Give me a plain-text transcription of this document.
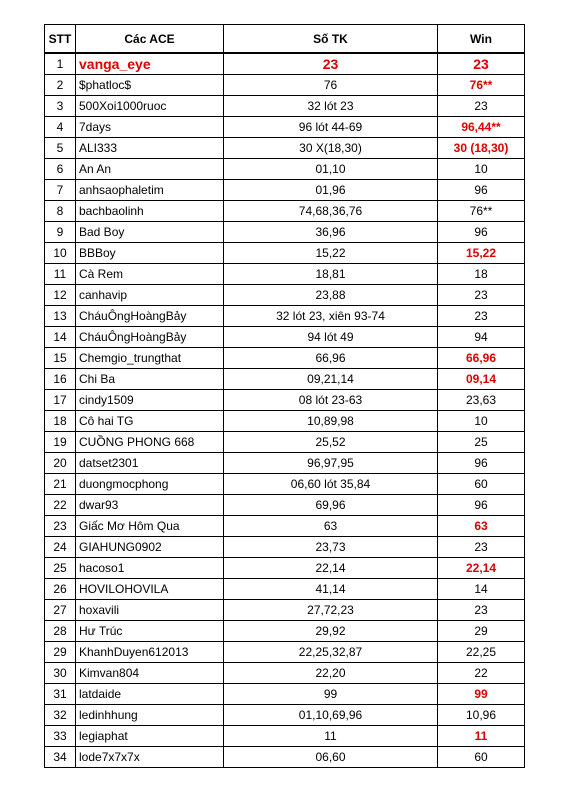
STT	Các ACE	Số TK	Win
1	vanga_eye	23	23
2	$phatloc$	76	76**
3	500Xoi1000ruoc	32 lót 23	23
4	7days	96 lót 44-69	96,44**
5	ALI333	30 X(18,30)	30 (18,30)
6	An An	01,10	10
7	anhsaophaletim	01,96	96
8	bachbaolinh	74,68,36,76	76**
9	Bad Boy	36,96	96
10	BBBoy	15,22	15,22
11	Cà Rem	18,81	18
12	canhavip	23,88	23
13	CháuÔngHoàngBảy	32 lót 23, xiên 93-74	23
14	CháuÔngHoàngBảy	94 lót 49	94
15	Chemgio_trungthat	66,96	66,96
16	Chi Ba	09,21,14	09,14
17	cindy1509	08 lót 23-63	23,63
18	Cô hai TG	10,89,98	10
19	CUỒNG PHONG 668	25,52	25
20	datset2301	96,97,95	96
21	duongmocphong	06,60 lót 35,84	60
22	dwar93	69,96	96
23	Giấc Mơ Hôm Qua	63	63
24	GIAHUNG0902	23,73	23
25	hacoso1	22,14	22,14
26	HOVILOHOVILA	41,14	14
27	hoxavili	27,72,23	23
28	Hư Trúc	29,92	29
29	KhanhDuyen612013	22,25,32,87	22,25
30	Kimvan804	22,20	22
31	latdaide	99	99
32	ledinhhung	01,10,69,96	10,96
33	legiaphat	11	11
34	lode7x7x7x	06,60	60
